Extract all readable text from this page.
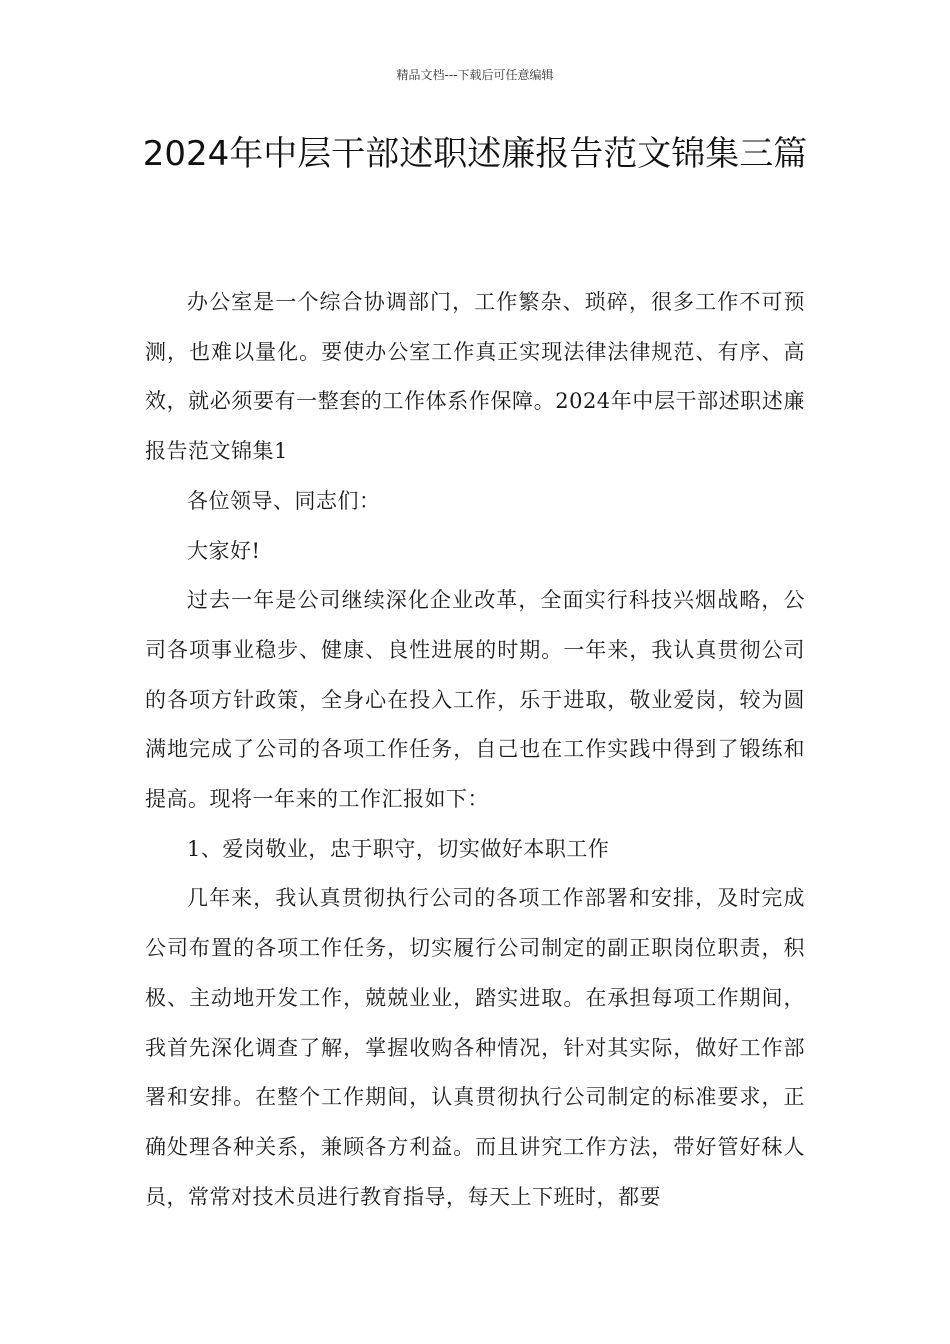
精品文档---下载后可任意编辑
2024年中层干部述职述廉报告范文锦集三篇

办公室是一个综合协调部门，工作繁杂、琐碎，很多工作不可预测，也难以量化。要使办公室工作真正实现法律法律规范、有序、高效，就必须要有一整套的工作体系作保障。2024年中层干部述职述廉报告范文锦集1

各位领导、同志们：

大家好!

过去一年是公司继续深化企业改革，全面实行科技兴烟战略，公司各项事业稳步、健康、良性进展的时期。一年来，我认真贯彻公司的各项方针政策，全身心在投入工作，乐于进取，敬业爱岗，较为圆满地完成了公司的各项工作任务，自己也在工作实践中得到了锻练和提高。现将一年来的工作汇报如下：

1、爱岗敬业，忠于职守，切实做好本职工作

几年来，我认真贯彻执行公司的各项工作部署和安排，及时完成公司布置的各项工作任务，切实履行公司制定的副正职岗位职责，积极、主动地开发工作，兢兢业业，踏实进取。在承担每项工作期间，我首先深化调查了解，掌握收购各种情况，针对其实际，做好工作部署和安排。在整个工作期间，认真贯彻执行公司制定的标准要求，正确处理各种关系，兼顾各方利益。而且讲究工作方法，带好管好秣人员，常常对技术员进行教育指导，每天上下班时，都要
